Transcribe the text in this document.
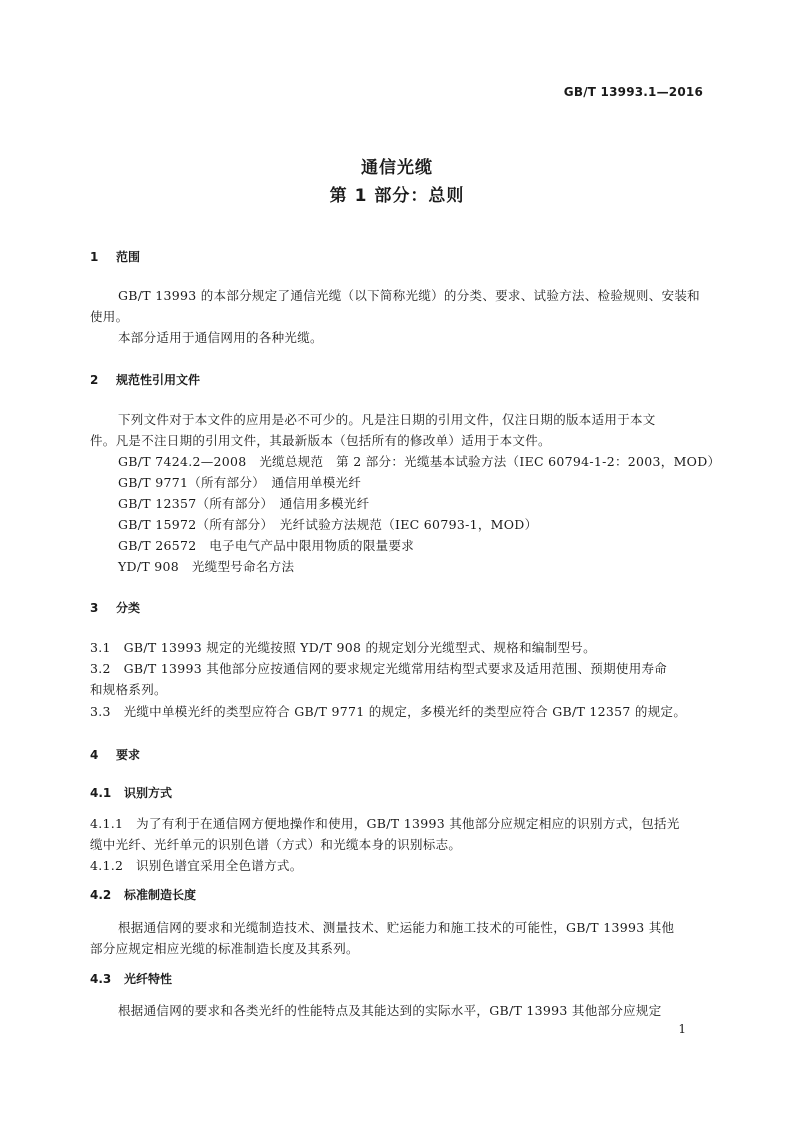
GB/T 13993.1—2016
通信光缆
第 1 部分：总则
1 范围
GB/T 13993 的本部分规定了通信光缆（以下简称光缆）的分类、要求、试验方法、检验规则、安装和
使用。
本部分适用于通信网用的各种光缆。
2 规范性引用文件
下列文件对于本文件的应用是必不可少的。凡是注日期的引用文件，仅注日期的版本适用于本文
件。凡是不注日期的引用文件，其最新版本（包括所有的修改单）适用于本文件。
GB/T 7424.2—2008　光缆总规范　第 2 部分：光缆基本试验方法（IEC 60794-1-2：2003，MOD）
GB/T 9771（所有部分）　通信用单模光纤
GB/T 12357（所有部分）　通信用多模光纤
GB/T 15972（所有部分）　光纤试验方法规范（IEC 60793-1，MOD）
GB/T 26572　电子电气产品中限用物质的限量要求
YD/T 908　光缆型号命名方法
3 分类
3.1　GB/T 13993 规定的光缆按照 YD/T 908 的规定划分光缆型式、规格和编制型号。
3.2　GB/T 13993 其他部分应按通信网的要求规定光缆常用结构型式要求及适用范围、预期使用寿命
和规格系列。
3.3　光缆中单模光纤的类型应符合 GB/T 9771 的规定，多模光纤的类型应符合 GB/T 12357 的规定。
4 要求
4.1 识别方式
4.1.1　为了有利于在通信网方便地操作和使用，GB/T 13993 其他部分应规定相应的识别方式，包括光
缆中光纤、光纤单元的识别色谱（方式）和光缆本身的识别标志。
4.1.2　识别色谱宜采用全色谱方式。
4.2 标准制造长度
根据通信网的要求和光缆制造技术、测量技术、贮运能力和施工技术的可能性，GB/T 13993 其他
部分应规定相应光缆的标准制造长度及其系列。
4.3 光纤特性
根据通信网的要求和各类光纤的性能特点及其能达到的实际水平，GB/T 13993 其他部分应规定
1
